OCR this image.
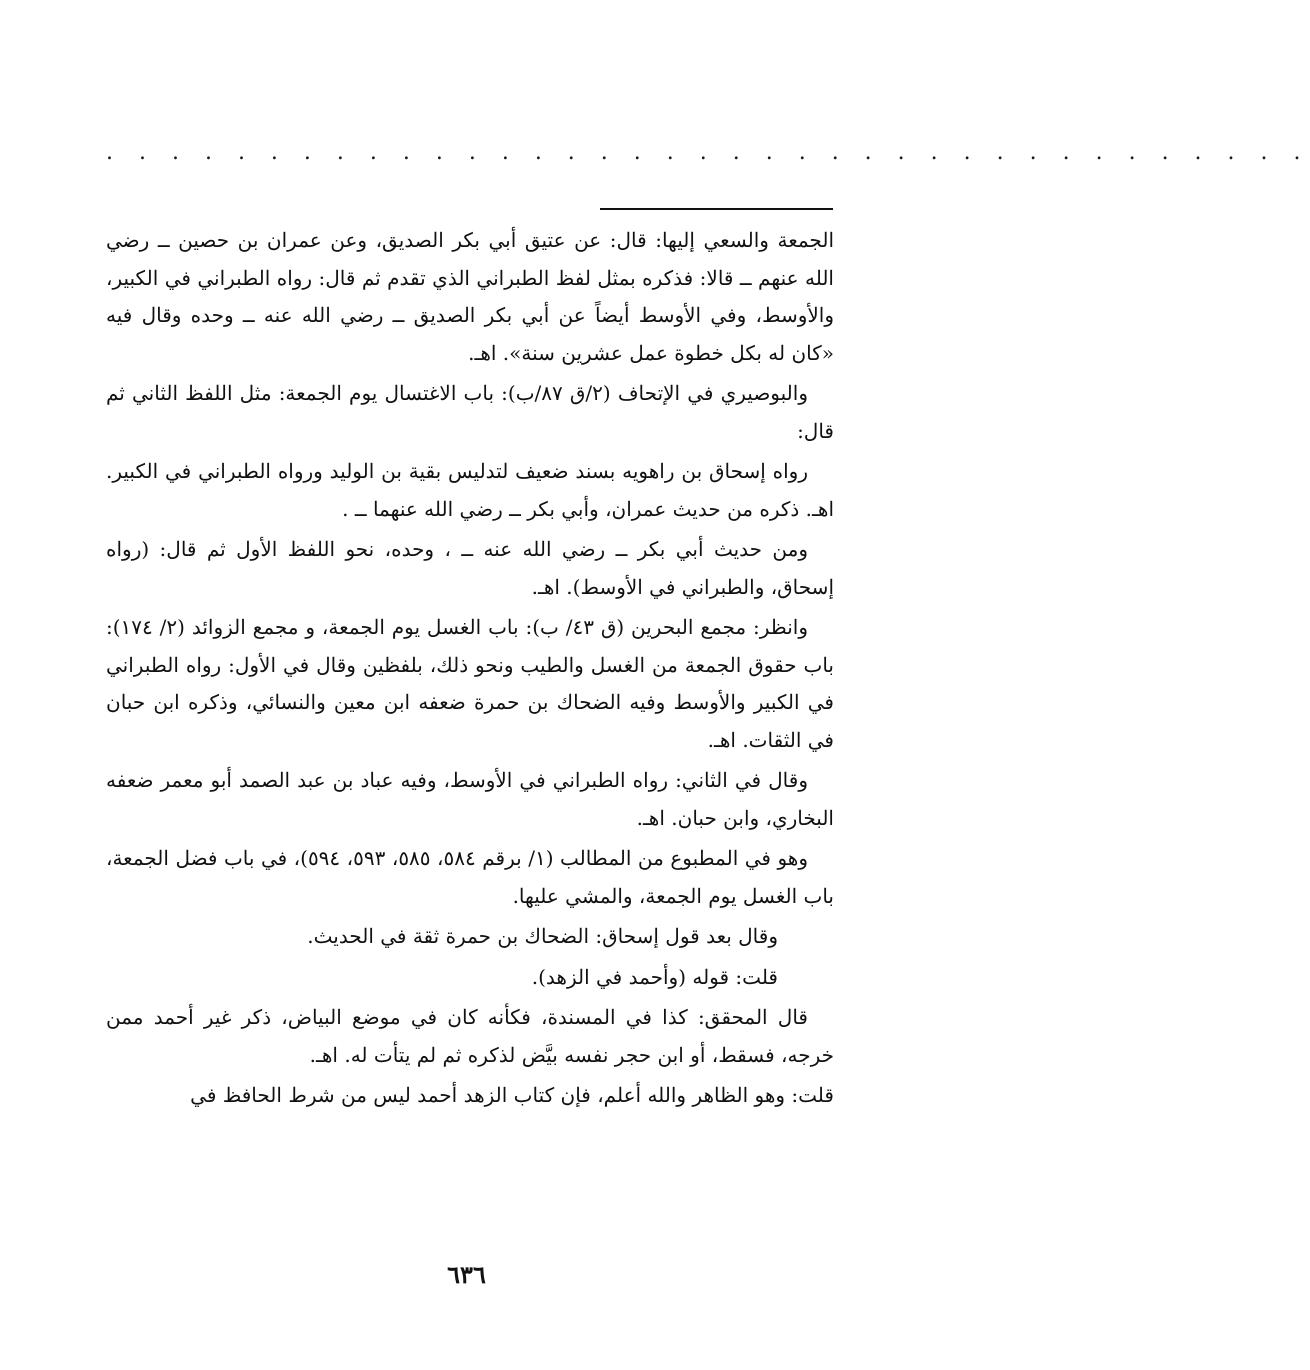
. . . . . . . . . . . . . . . . . . . . . . . . . . . . . . . . . . . . .

الجمعة والسعي إليها: قال: عن عتيق أبي بكر الصديق، وعن عمران بن حصين ــ رضي الله عنهم ــ قالا: فذكره بمثل لفظ الطبراني الذي تقدم ثم قال: رواه الطبراني في الكبير، والأوسط، وفي الأوسط أيضاً عن أبي بكر الصديق ــ رضي الله عنه ــ وحده وقال فيه «كان له بكل خطوة عمل عشرين سنة». اهـ.

والبوصيري في الإتحاف (٢/ق ٨٧/ب): باب الاغتسال يوم الجمعة: مثل اللفظ الثاني ثم قال:

رواه إسحاق بن راهويه بسند ضعيف لتدليس بقية بن الوليد ورواه الطبراني في الكبير. اهـ. ذكره من حديث عمران، وأبي بكر ــ رضي الله عنهما ــ .

ومن حديث أبي بكر ــ رضي الله عنه ــ ، وحده، نحو اللفظ الأول ثم قال: (رواه إسحاق، والطبراني في الأوسط). اهـ.

وانظر: مجمع البحرين (ق ٤٣/ ب): باب الغسل يوم الجمعة، و مجمع الزوائد (٢/ ١٧٤): باب حقوق الجمعة من الغسل والطيب ونحو ذلك، بلفظين وقال في الأول: رواه الطبراني في الكبير والأوسط وفيه الضحاك بن حمرة ضعفه ابن معين والنسائي، وذكره ابن حبان في الثقات. اهـ.

وقال في الثاني: رواه الطبراني في الأوسط، وفيه عباد بن عبد الصمد أبو معمر ضعفه البخاري، وابن حبان. اهـ.

وهو في المطبوع من المطالب (١/ برقم ٥٨٤، ٥٨٥، ٥٩٣، ٥٩٤)، في باب فضل الجمعة، باب الغسل يوم الجمعة، والمشي عليها.

وقال بعد قول إسحاق: الضحاك بن حمرة ثقة في الحديث.

قلت: قوله (وأحمد في الزهد).

قال المحقق: كذا في المسندة، فكأنه كان في موضع البياض، ذكر غير أحمد ممن خرجه، فسقط، أو ابن حجر نفسه بيَّض لذكره ثم لم يتأت له. اهـ.

قلت: وهو الظاهر والله أعلم، فإن كتاب الزهد أحمد ليس من شرط الحافظ في

٦٣٦
